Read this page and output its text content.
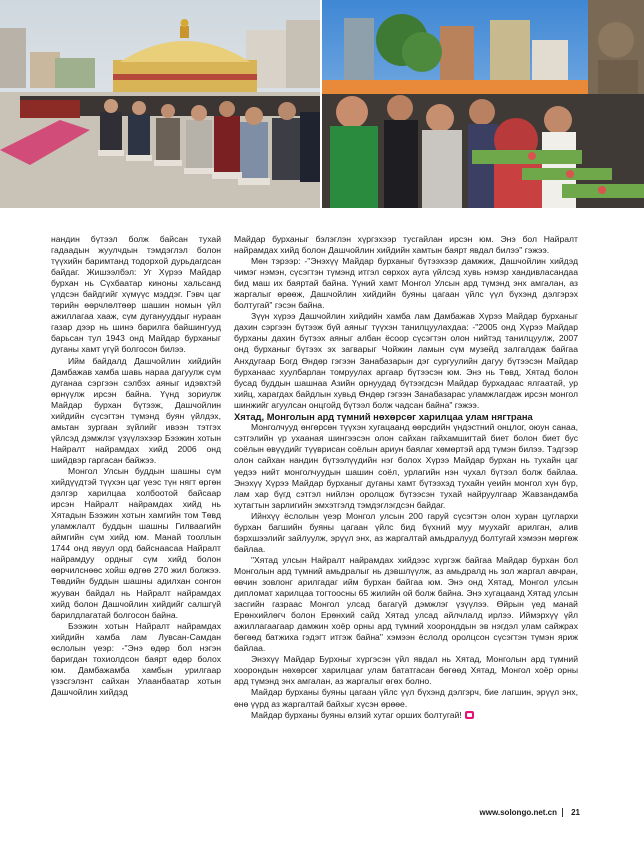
нандин бүтээл болж байсан тухай гадаадын жуулчдын тэмдэглэл болон түүхийн баримтанд тодорхой дурьдагдсан байдаг. Жишээлбэл: Уг Хүрээ Майдар бурхан нь Сүхбаатар киноны хальсанд үлдсэн байдгийг хүмүүс мэддэг. Гэвч цаг төрийн өөрчлөлтөөр шашин номын үйл ажиллагаа хааж, сүм дуганууддыг нураан газар дээр нь шинэ барилга байшингууд барьсан тул 1943 онд Майдар бурханыг дуганы хамт үгүй болгосон билээ.

Ийм байдалд Дашчойлин хийдийн Дамбажав хамба шавь нараа дагуулж сүм дуганаа сэргээн сэлбэх аяныг идэвхтэй өрнүүлж ирсэн байна. Үүнд зориулж Майдар бурхан бүтээж, Дашчойлин хийдийн сүсэгтэн түмэнд буян үйлдэх, амьтан зургаан зүйлийг ивээн тэтгэх үйлсэд дэмжлэг үзүүлэхээр Бээжин хотын Найралт найрамдах хийд 2006 онд шийдвэр гаргасан байжээ.

Монгол Улсын буддын шашны сүм хийдүүдтэй түүхэн цаг үеэс түн нягт өргөн дэлгэр харилцаа холбоотой байсаар ирсэн Найралт найрамдах хийд нь Хятадын Бээжин хотын хамгийн том Төвд уламжлалт буддын шашны Гилваагийн аймгийн сүм хийд юм. Манай тооллын 1744 онд явуул орд байснаасаа Найралт найрамдуу ордныг сүм хийд болон өөрчилснөөс хойш өдгөө 270 жил болжээ. Төвдийн буддын шашны адилхан сонгон жууван байдал нь Найралт найрамдах хийд болон Дашчойлин хийдийг салшгүй барилдлагатай болгосон байна.

Бээжин хотын Найралт найрамдах хийдийн хамба лам Лувсан-Самдан өслолын үеэр: -"Энэ өдөр бол нэгэн баригдан тохиолдсон баярт өдөр болох юм. Дамбажамба хамбын урилгаар үзэсгэлэнт сайхан Улаанбаатар хотын Дашчойлин хийдэд

Майдар бурханыг бэлэглэн хүргэхээр тусгайлан ирсэн юм. Энэ бол Найралт найрамдах хийд болон Дашчойлин хийдийн хамтын баярт явдал билээ" гэжээ.

Мөн тэрээр: -"Энэхүү Майдар бурханыг бүтээхээр дамжиж, Дашчойлин хийдэд чимэг нэмэн, сүсэгтэн түмэнд итгэл сөрхох ауга үйлсэд хувь нэмэр хандивласандаа бид маш их баяртай байна. Үүний хамт Монгол Улсын ард түмэнд энх амгалан, аз жаргалыг өрөөж, Дашчойлин хийдийн буяны цагаан үйлс үүл бүхэнд дэлгэрэх болтугай" гэсэн байна.

Зүүн хүрээ Дашчойлин хийдийн хамба лам Дамбажав Хүрээ Майдар бурханыг дахин сэргээн бүтээж бүй аяныг түүхэн танилцуулахдаа: -"2005 онд Хүрээ Майдар бурханы дахин бүтээх аяныг албан ёсоор сүсэгтэн олон нийтэд танилцуулж, 2007 онд бурханыг бүтээх эх загварыг Чойжин ламын сүм музейд залгалдаж байгаа Анхдугаар Богд Өндөр гэгээн Занабазарын дэг сургуулийн дагуу бүтээсэн Майдар бурханаас хуулбарлан томруулах аргаар бүтээсэн юм. Энэ нь Төвд, Хятад болон бусад буддын шашнаа Азийн орнуудад бүтээгдсэн Майдар бурхадаас ялгаатай, ур хийц, харагдах байдлын хувьд Өндөр гэгээн Занабазарас уламжлагдаж ирсэн монгол шинжийг агуулсан онцгойд бүтээл болж чадсан байна" гэжээ.

Хятад, Монголын ард түмний нөхөрсөг харилцаа улам нягтрана

Монголчууд өнгөрсөн түүхэн хугацаанд өөрсдийн үндэстний онцлог, оюун санаа, сэтгэлийн үр ухааная шингээсэн олон сайхан гайхамшигтай биет болон биет бус соёлын өвүүдийг түүврисан соёлын ариун баялаг хөмөртэй ард түмэн билээ. Тэдгээр олон сайхан нандин бүтээлүүдийн нэг болох Хүрээ Майдар бурхан нь тухайн цаг үедээ нийт монголчуудын шашин соёл, урлагийн нэн чухал бүтээл болж байлаа. Энэхүү Хүрээ Майдар бурханыг дуганы хамт бүтээхэд тухайн үеийн монгол хүн бүр, лам хар бүгд сэтгэл нийлэн оролцож бүтээсэн тухай найруулгаар Жавзандамба хутагтын зарлигийн эмхэтгэлд тэмдэглэгдсэн байдаг.

Ийнхүү ёслолын үеэр Монгол улсын 200 гаруй сүсэгтэн олон хуран цуглархи бурхан багшийн буяны цагаан үйлс бид бүхний муу муухайг арилган, алив бэрхшээлийг зайлуулж, эрүүл энх, аз жаргалтай амьдралууд болтугай хэмээн мөргөж байлаа.

"Хятад улсын Найралт найрамдах хийдээс хүргэж байгаа Майдар бурхан бол Монголын ард түмний амьдралыг нь дэвшлүүлж, аз амьдралд нь зол жаргал авчран, өвчин зовлонг арилгадаг ийм бурхан байгаа юм. Энэ онд Хятад, Монгол улсын дипломат харилцаа тогтоосны 65 жилийн ой болж байна. Энэ хугацаанд Хятад улсын засгийн газраас Монгол улсад багагүй дэмжлэг үзүүлээ. Өйрын үед манай Ерөнхийлөгч болон Ерөнхий сайд Хятад улсад айлчлалд ирлээ. Иймэрхүү үйл ажиллагаагаар дамжин хоёр орны ард түмний хооронддын эв нэгдэл улам сайжрах бөгөөд батжиха гэдэгт итгэж байна" хэмээн ёслолд оролцсон сүсэгтэн түмэн яриж байлаа.

Энэхүү Майдар Бурхныг хүргэсэн үйл явдал нь Хятад, Монголын ард түмний хоорондын нөхөрсөг харилцааг улам бататгасан бөгөөд Хятад, Монгол хоёр орны ард түмэнд энх амгалан, аз жаргалыг өгөх болно.

Майдар бурханы буяны цагаан үйлс үүл бүхэнд дэлгэрч, бие лагшин, эрүүл энх, өнө үүрд аз жаргалтай байхыг хүсэн өрөөе.

Майдар бурханы буяны өлзий хутаг орших болтугай!

www.solongo.net.cn 21
